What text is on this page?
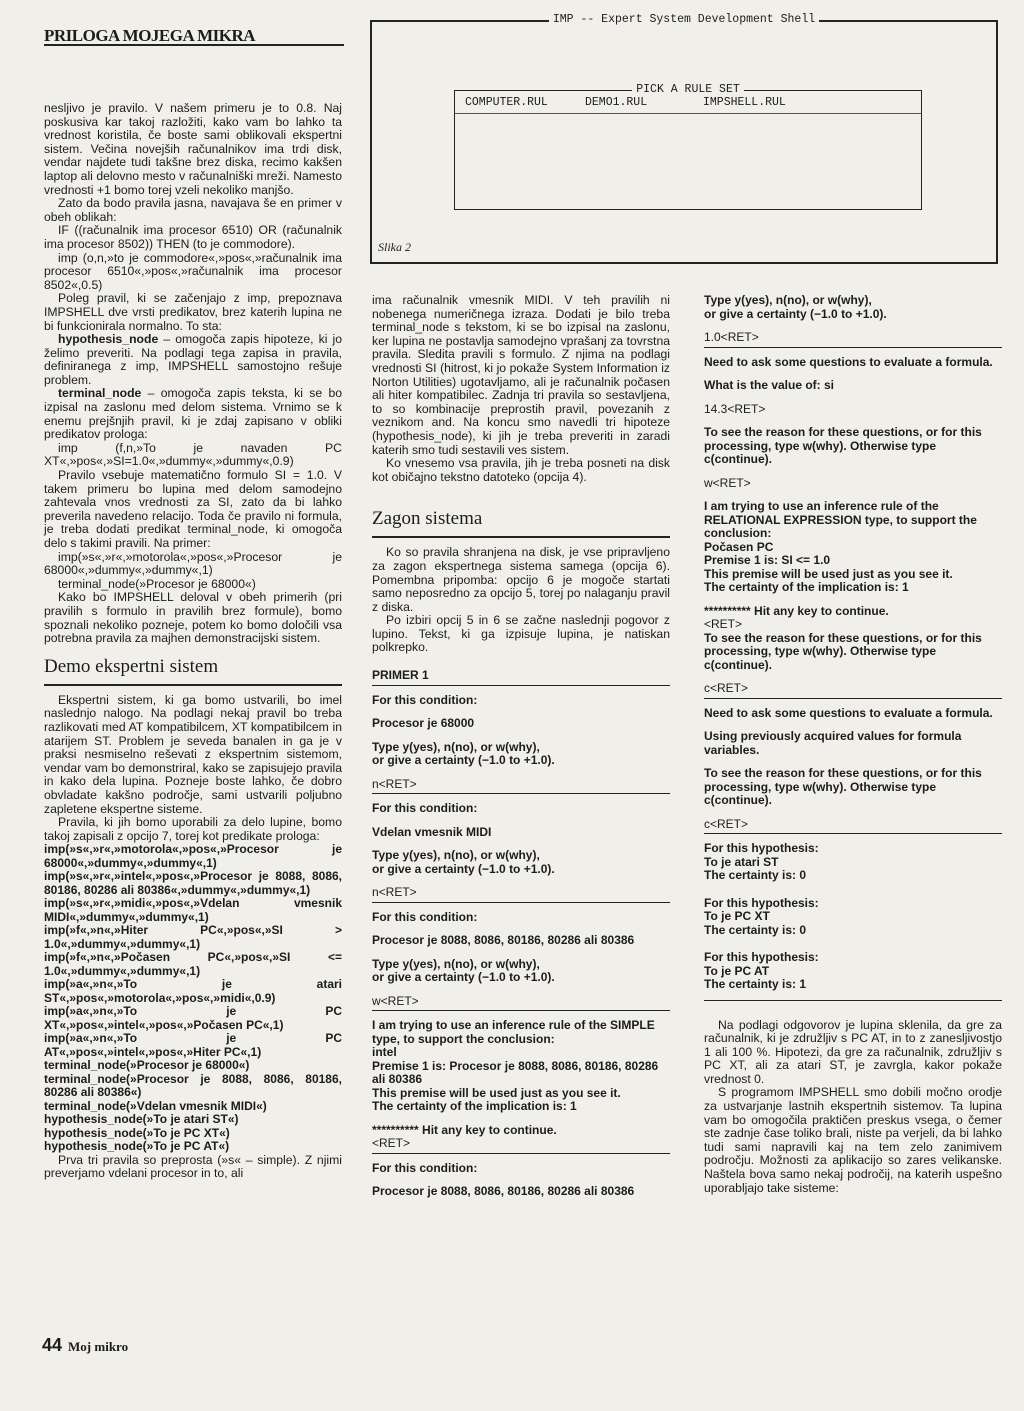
PRILOGA MOJEGA MIKRA
IMP -- Expert System Development Shell
PICK A RULE SET
COMPUTER.RUL	DEMO1.RUL	IMPSHELL.RUL
Slika 2

nesljivo je pravilo. V našem primeru je to 0.8. Naj poskusiva kar takoj razložiti, kako vam bo lahko ta vrednost koristila, če boste sami oblikovali ekspertni sistem. Večina novejših računalnikov ima trdi disk, vendar najdete tudi takšne brez diska, recimo kakšen laptop ali delovno mesto v računalniški mreži. Namesto vrednosti +1 bomo torej vzeli nekoliko manjšo.

Zato da bodo pravila jasna, navajava še en primer v obeh oblikah:

IF ((računalnik ima procesor 6510) OR (računalnik ima procesor 8502)) THEN (to je commodore).

imp (o,n,»to je commodore«,»pos«,»računalnik ima procesor 6510«,»pos«,»računalnik ima procesor 8502«,0.5)

Poleg pravil, ki se začenjajo z imp, prepoznava IMPSHELL dve vrsti predikatov, brez katerih lupina ne bi funkcionirala normalno. To sta:

hypothesis_node – omogoča zapis hipoteze, ki jo želimo preveriti. Na podlagi tega zapisa in pravila, definiranega z imp, IMPSHELL samostojno rešuje problem.

terminal_node – omogoča zapis teksta, ki se bo izpisal na zaslonu med delom sistema. Vrnimo se k enemu prejšnjih pravil, ki je zdaj zapisano v obliki predikatov prologa:

imp (f,n,»To je navaden PC XT«,»pos«,»SI=1.0«,»dummy«,»dummy«,0.9)

Pravilo vsebuje matematično formulo SI = 1.0. V takem primeru bo lupina med delom samodejno zahtevala vnos vrednosti za SI, zato da bi lahko preverila navedeno relacijo. Toda če pravilo ni formula, je treba dodati predikat terminal_node, ki omogoča delo s takimi pravili. Na primer:

imp(»s«,»r«,»motorola«,»pos«,»Procesor je 68000«,»dummy«,»dummy«,1)

terminal_node(»Procesor je 68000«)

Kako bo IMPSHELL deloval v obeh primerih (pri pravilih s formulo in pravilih brez formule), bomo spoznali nekoliko pozneje, potem ko bomo določili vsa potrebna pravila za majhen demonstracijski sistem.

Demo ekspertni sistem

Ekspertni sistem, ki ga bomo ustvarili, bo imel naslednjo nalogo. Na podlagi nekaj pravil bo treba razlikovati med AT kompatibilcem, XT kompatibilcem in atarijem ST. Problem je seveda banalen in ga je v praksi nesmiselno reševati z ekspertnim sistemom, vendar vam bo demonstriral, kako se zapisujejo pravila in kako dela lupina. Pozneje boste lahko, če dobro obvladate kakšno področje, sami ustvarili poljubno zapletene ekspertne sisteme.

Pravila, ki jih bomo uporabili za delo lupine, bomo takoj zapisali z opcijo 7, torej kot predikate prologa:

imp(»s«,»r«,»motorola«,»pos«,»Procesor je 68000«,»dummy«,»dummy«,1)

imp(»s«,»r«,»intel«,»pos«,»Procesor je 8088, 8086, 80186, 80286 ali 80386«,»dummy«,»dummy«,1)

imp(»s«,»r«,»midi«,»pos«,»Vdelan vmesnik MIDI«,»dummy«,»dummy«,1)

imp(»f«,»n«,»Hiter PC«,»pos«,»SI > 1.0«,»dummy«,»dummy«,1)

imp(»f«,»n«,»Počasen PC«,»pos«,»SI <= 1.0«,»dummy«,»dummy«,1)

imp(»a«,»n«,»To je atari ST«,»pos«,»motorola«,»pos«,»midi«,0.9)

imp(»a«,»n«,»To je PC XT«,»pos«,»intel«,»pos«,»Počasen PC«,1)

imp(»a«,»n«,»To je PC AT«,»pos«,»intel«,»pos«,»Hiter PC«,1)

terminal_node(»Procesor je 68000«)

terminal_node(»Procesor je 8088, 8086, 80186, 80286 ali 80386«)

terminal_node(»Vdelan vmesnik MIDI«)

hypothesis_node(»To je atari ST«)

hypothesis_node(»To je PC XT«)

hypothesis_node(»To je PC AT«)

Prva tri pravila so preprosta (»s« – simple). Z njimi preverjamo vdelani procesor in to, ali

ima računalnik vmesnik MIDI. V teh pravilih ni nobenega numeričnega izraza. Dodati je bilo treba terminal_node s tekstom, ki se bo izpisal na zaslonu, ker lupina ne postavlja samodejno vprašanj za tovrstna pravila. Sledita pravili s formulo. Z njima na podlagi vrednosti SI (hitrost, ki jo pokaže System Information iz Norton Utilities) ugotavljamo, ali je računalnik počasen ali hiter kompatibilec. Zadnja tri pravila so sestavljena, to so kombinacije preprostih pravil, povezanih z veznikom and. Na koncu smo navedli tri hipoteze (hypothesis_node), ki jih je treba preveriti in zaradi katerih smo tudi sestavili ves sistem.

Ko vnesemo vsa pravila, jih je treba posneti na disk kot običajno tekstno datoteko (opcija 4).

Zagon sistema

Ko so pravila shranjena na disk, je vse pripravljeno za zagon ekspertnega sistema samega (opcija 6). Pomembna pripomba: opcijo 6 je mogoče startati samo neposredno za opcijo 5, torej po nalaganju pravil z diska.

Po izbiri opcij 5 in 6 se začne naslednji pogovor z lupino. Tekst, ki ga izpisuje lupina, je natiskan polkrepko.

PRIMER 1

For this condition:

Procesor je 68000

Type y(yes), n(no), or w(why),

or give a certainty (−1.0 to +1.0).

n<RET>

For this condition:

Vdelan vmesnik MIDI

Type y(yes), n(no), or w(why),

or give a certainty (−1.0 to +1.0).

n<RET>

For this condition:

Procesor je 8088, 8086, 80186, 80286 ali 80386

Type y(yes), n(no), or w(why),

or give a certainty (−1.0 to +1.0).

w<RET>

I am trying to use an inference rule of the SIMPLE type, to support the conclusion:

intel

Premise 1 is: Procesor je 8088, 8086, 80186, 80286 ali 80386

This premise will be used just as you see it.

The certainty of the implication is: 1

********** Hit any key to continue.

<RET>

For this condition:

Procesor je 8088, 8086, 80186, 80286 ali 80386

Type y(yes), n(no), or w(why),

or give a certainty (−1.0 to +1.0).

1.0<RET>

Need to ask some questions to evaluate a formula.

What is the value of: si

14.3<RET>

To see the reason for these questions, or for this processing, type w(why). Otherwise type c(continue).

w<RET>

I am trying to use an inference rule of the RELATIONAL EXPRESSION type, to support the conclusion:

Počasen PC

Premise 1 is: SI <= 1.0

This premise will be used just as you see it.

The certainty of the implication is: 1

********** Hit any key to continue.

<RET>

To see the reason for these questions, or for this processing, type w(why). Otherwise type c(continue).

c<RET>

Need to ask some questions to evaluate a formula.

Using previously acquired values for formula variables.

To see the reason for these questions, or for this processing, type w(why). Otherwise type c(continue).

c<RET>

For this hypothesis:

To je atari ST

The certainty is: 0

For this hypothesis:

To je PC XT

The certainty is: 0

For this hypothesis:

To je PC AT

The certainty is: 1

Na podlagi odgovorov je lupina sklenila, da gre za računalnik, ki je združljiv s PC AT, in to z zanesljivostjo 1 ali 100 %. Hipotezi, da gre za računalnik, združljiv s PC XT, ali za atari ST, je zavrgla, kakor pokaže vrednost 0.

S programom IMPSHELL smo dobili močno orodje za ustvarjanje lastnih ekspertnih sistemov. Ta lupina vam bo omogočila praktičen preskus vsega, o čemer ste zadnje čase toliko brali, niste pa verjeli, da bi lahko tudi sami napravili kaj na tem zelo zanimivem področju. Možnosti za aplikacijo so zares velikanske. Naštela bova samo nekaj področij, na katerih uspešno uporabljajo take sisteme:

44 Moj mikro
